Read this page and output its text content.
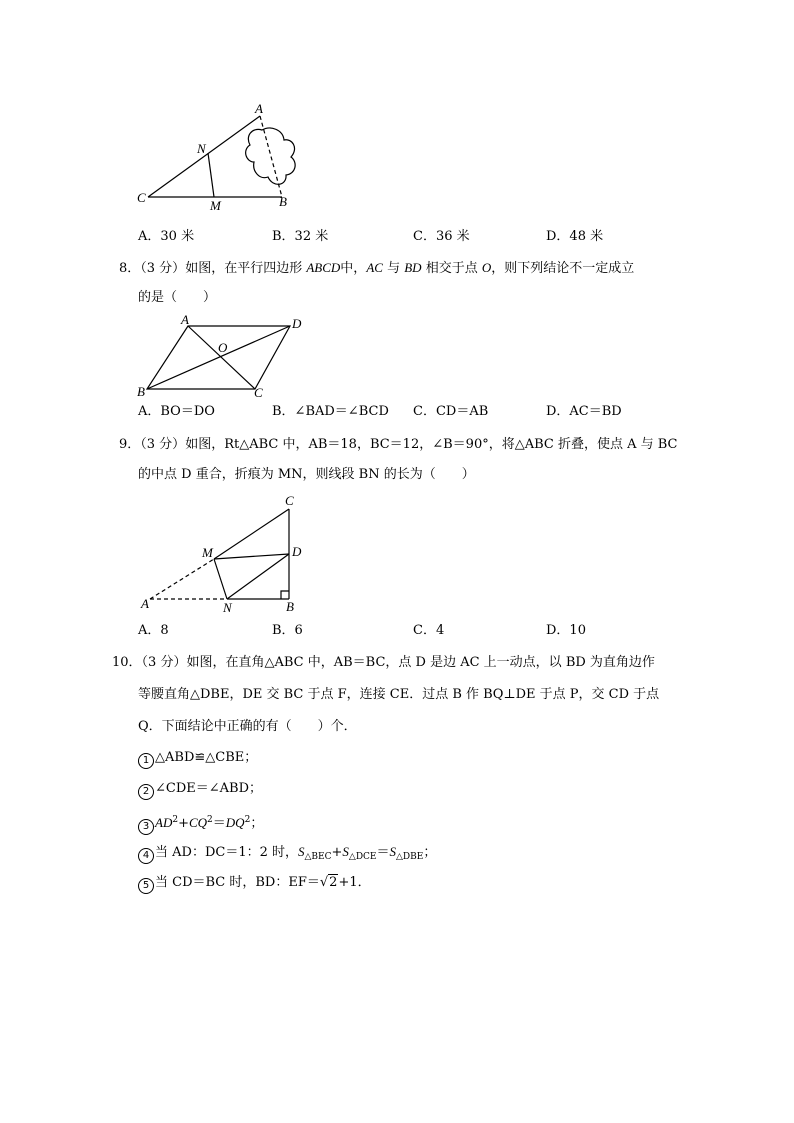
A
N
C
M	B
A．30 米	B．32 米	C．36 米	D．48 米
8．（3 分）如图，在平行四边形 ABCD中，AC 与 BD 相交于点 O，则下列结论不一定成立
的是（　　）
A	D
O
B	C
A．BO＝DO	B．∠BAD＝∠BCD C．CD＝AB	D．AC＝BD
9．（3 分）如图，Rt△ABC 中，AB＝18，BC＝12，∠B＝90°，将△ABC 折叠，使点 A 与 BC
的中点 D 重合，折痕为 MN，则线段 BN 的长为（　　）
C
M	D
A	N	B
A．8	B．6	C．4	D．10
10．（3 分）如图，在直角△ABC 中，AB＝BC，点 D 是边 AC 上一动点，以 BD 为直角边作
等腰直角△DBE，DE 交 BC 于点 F，连接 CE．过点 B 作 BQ⊥DE 于点 P，交 CD 于点
Q．下面结论中正确的有（　　）个．
1 △ABD≌△CBE；
2 ∠CDE＝∠ABD；
3 $AD^2+CQ^2=DQ^2$；
4 当 AD：DC＝1：2 时，$S_{\triangle BEC}+S_{\triangle DCE}=S_{\triangle DBE}$；
5 当 CD＝BC 时，BD：EF＝√2+1．
